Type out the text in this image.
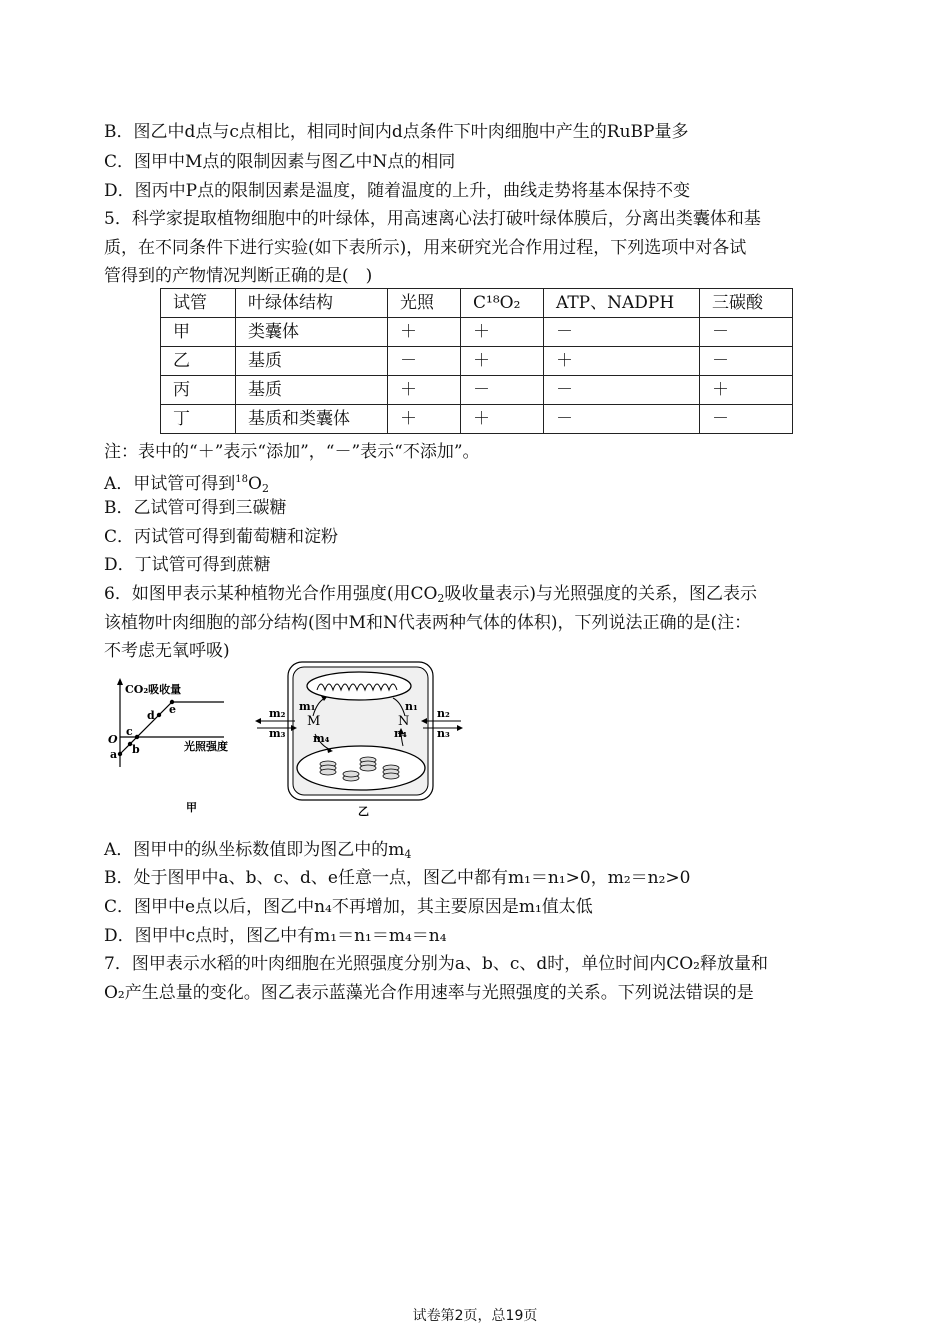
B．图乙中d点与c点相比，相同时间内d点条件下叶肉细胞中产生的RuBP量多
C．图甲中M点的限制因素与图乙中N点的相同
D．图丙中P点的限制因素是温度，随着温度的上升，曲线走势将基本保持不变
5．科学家提取植物细胞中的叶绿体，用高速离心法打破叶绿体膜后，分离出类囊体和基
质，在不同条件下进行实验(如下表所示)，用来研究光合作用过程，下列选项中对各试
管得到的产物情况判断正确的是(　)
试管	叶绿体结构	光照	C¹⁸O₂	ATP、NADPH	三碳酸
甲	类囊体	＋	＋	－	－
乙	基质	－	＋	＋	－
丙	基质	＋	－	－	＋
丁	基质和类囊体	＋	＋	－	－
注：表中的“＋”表示“添加”，“－”表示“不添加”。
A．甲试管可得到$^{18}O_2$
B．乙试管可得到三碳糖
C．丙试管可得到葡萄糖和淀粉
D．丁试管可得到蔗糖
6．如图甲表示某种植物光合作用强度(用$CO_2$吸收量表示)与光照强度的关系，图乙表示
该植物叶肉细胞的部分结构(图中M和N代表两种气体的体积)，下列说法正确的是(注：
不考虑无氧呼吸)
CO₂吸收量
光照强度
O
a b
c
d e
甲
m₂
m₃
m₁
M
m₄
n₁
N
n₄
n₂
n₃
乙
A．图甲中的纵坐标数值即为图乙中的$m_4$
B．处于图甲中a、b、c、d、e任意一点，图乙中都有m₁＝n₁>0，m₂＝n₂>0
C．图甲中e点以后，图乙中n₄不再增加，其主要原因是m₁值太低
D．图甲中c点时，图乙中有m₁＝n₁＝m₄＝n₄
7．图甲表示水稻的叶肉细胞在光照强度分别为a、b、c、d时，单位时间内CO₂释放量和
O₂产生总量的变化。图乙表示蓝藻光合作用速率与光照强度的关系。下列说法错误的是
试卷第2页，总19页
